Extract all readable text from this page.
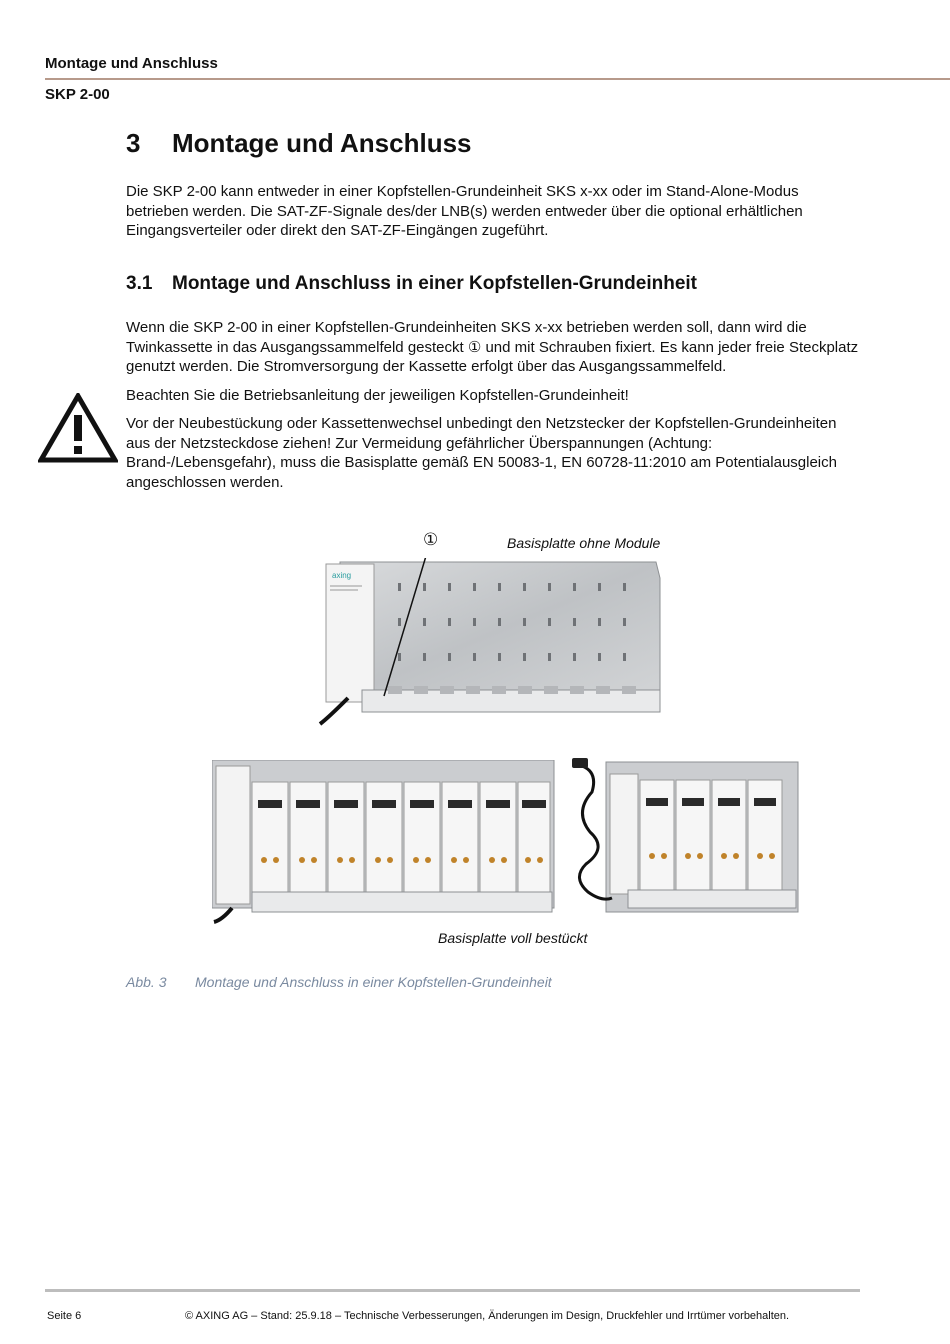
Montage und Anschluss
SKP 2-00
3 Montage und Anschluss
Die SKP 2-00 kann entweder in einer Kopfstellen-Grundeinheit SKS x-xx oder im Stand-Alone-Modus betrieben werden. Die SAT-ZF-Signale des/der LNB(s) werden entweder über die optional erhältlichen Eingangsverteiler oder direkt den SAT-ZF-Eingängen zugeführt.
3.1 Montage und Anschluss in einer Kopfstellen-Grundeinheit
Wenn die SKP 2-00 in einer Kopfstellen-Grundeinheiten SKS x-xx betrieben werden soll, dann wird die Twinkassette in das Ausgangssammelfeld gesteckt ① und mit Schrauben fixiert. Es kann jeder freie Steckplatz genutzt werden. Die Stromversorgung der Kassette erfolgt über das Ausgangssammelfeld.
Beachten Sie die Betriebsanleitung der jeweiligen Kopfstellen-Grundeinheit!
Vor der Neubestückung oder Kassettenwechsel unbedingt den Netzstecker der Kopfstellen-Grundeinheiten aus der Netzsteckdose ziehen! Zur Vermeidung gefährlicher Überspannungen (Achtung: Brand-/Lebensgefahr), muss die Basisplatte gemäß EN 50083-1, EN 60728-11:2010 am Potentialausgleich angeschlossen werden.
axing
①	Basisplatte ohne Module
Basisplatte voll bestückt
Abb. 3 Montage und Anschluss in einer Kopfstellen-Grundeinheit
Seite 6	© AXING AG – Stand: 25.9.18 – Technische Verbesserungen, Änderungen im Design, Druckfehler und Irrtümer vorbehalten.
